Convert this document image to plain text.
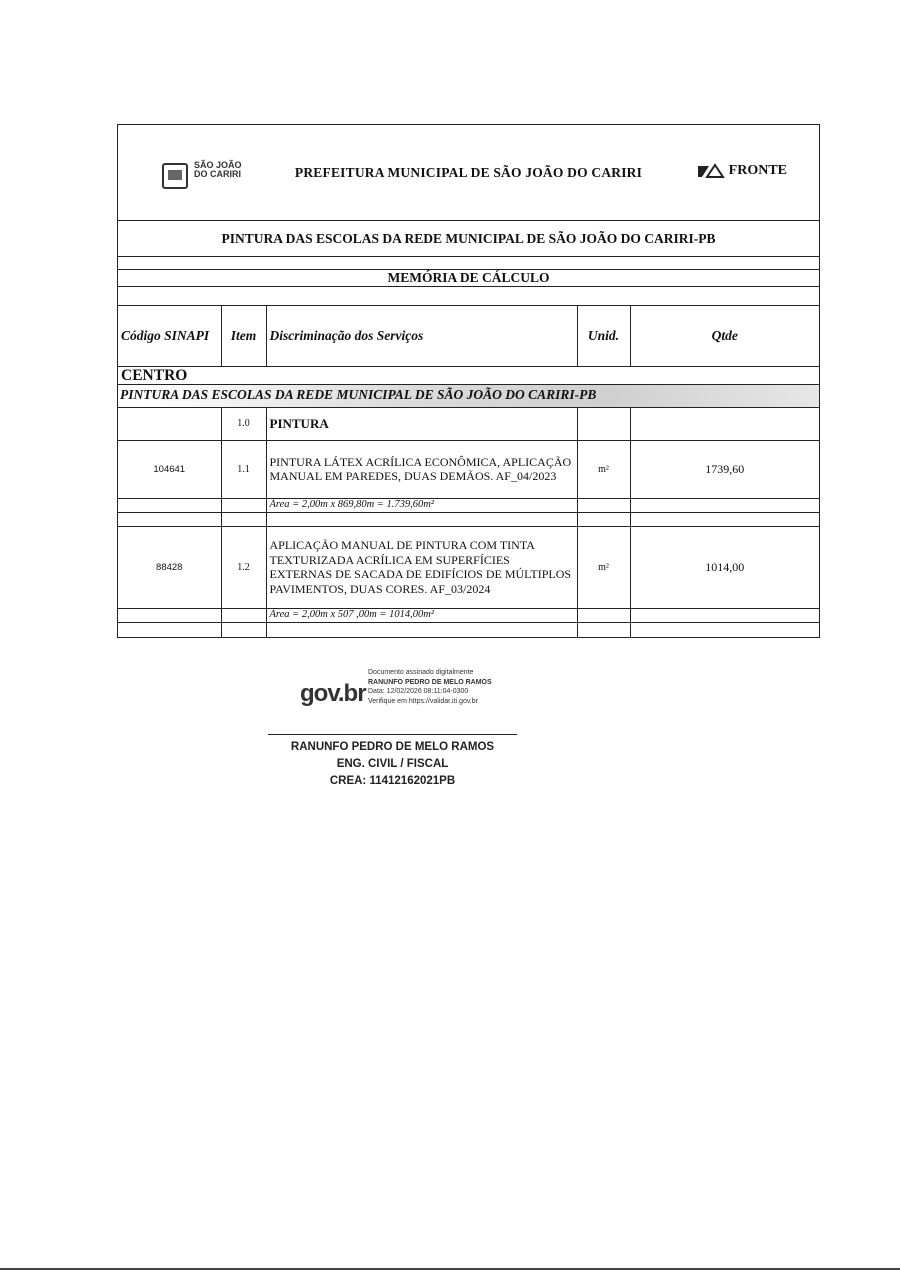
SÃO JOÃO DO CARIRI	PREFEITURA MUNICIPAL DE SÃO JOÃO DO CARIRI	FRONTE
PINTURA DAS ESCOLAS DA REDE MUNICIPAL DE SÃO JOÃO DO CARIRI-PB
MEMÓRIA DE CÁLCULO
Código SINAPI	Item	Discriminação dos Serviços	Unid.	Qtde

CENTRO
PINTURA DAS ESCOLAS DA REDE MUNICIPAL DE SÃO JOÃO DO CARIRI-PB				

	1.0	PINTURA		
104641	1.1	PINTURA LÁTEX ACRÍLICA ECONÔMICA, APLICAÇÃO MANUAL EM PAREDES, DUAS DEMÃOS. AF_04/2023	m²	1739,60
		Área = 2,00m x 869,80m = 1.739,60m²		

88428	1.2	APLICAÇÃO MANUAL DE PINTURA COM TINTA TEXTURIZADA ACRÍLICA EM SUPERFÍCIES EXTERNAS DE SACADA DE EDIFÍCIOS DE MÚLTIPLOS PAVIMENTOS, DUAS CORES. AF_03/2024	m²	1014,00
		Área = 2,00m x 507 ,00m = 1014,00m²		

gov.br
Documento assinado digitalmente
RANUNFO PEDRO DE MELO RAMOS
Data: 12/02/2026 08:11:04-0300
Verifique em https://validar.iti.gov.br
RANUNFO PEDRO DE MELO RAMOS
ENG. CIVIL / FISCAL
CREA: 11412162021PB
